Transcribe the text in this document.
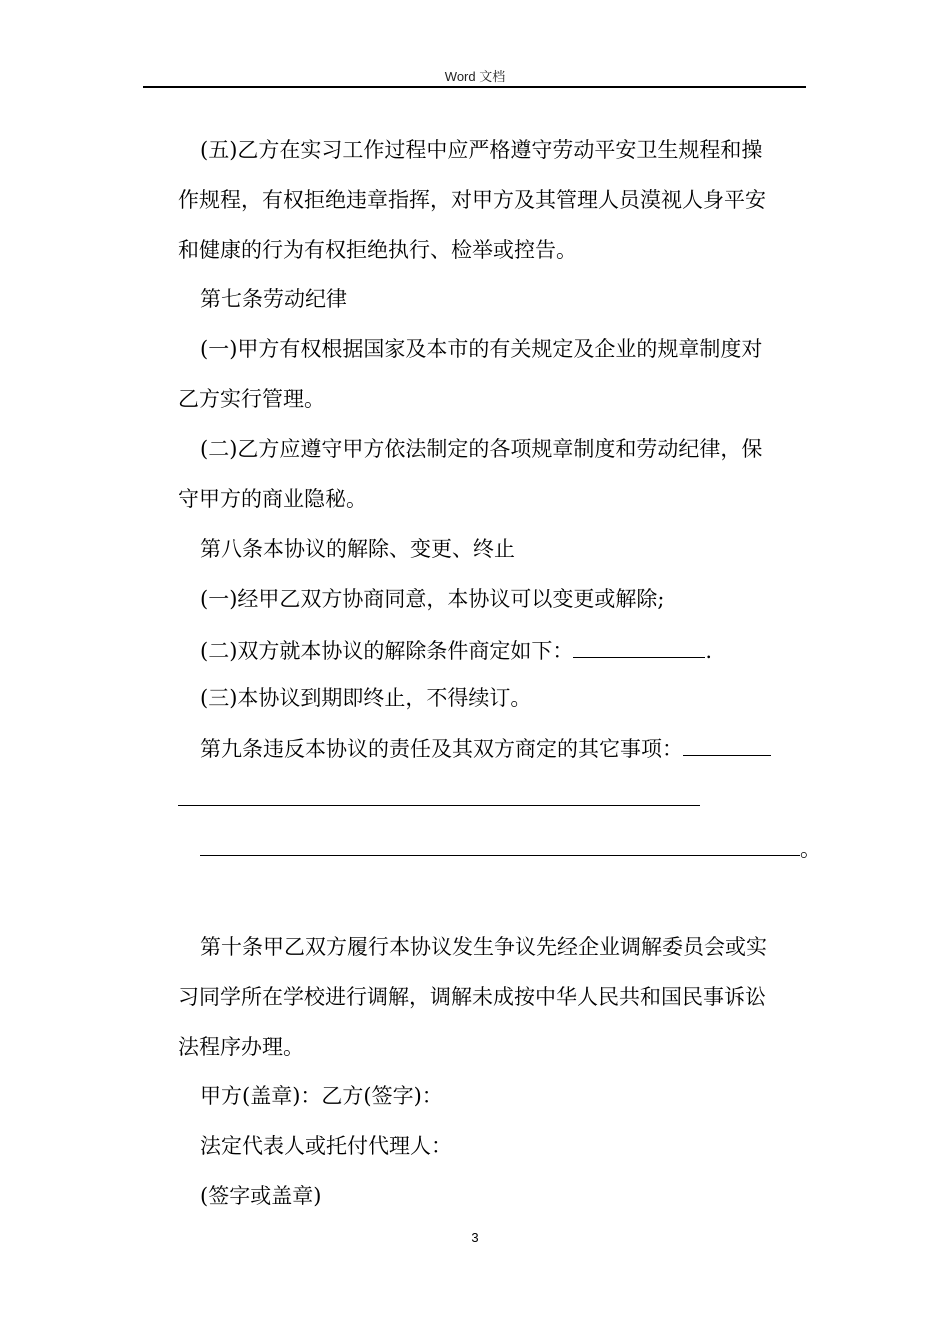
Word 文档
(五)乙方在实习工作过程中应严格遵守劳动平安卫生规程和操
作规程，有权拒绝违章指挥，对甲方及其管理人员漠视人身平安
和健康的行为有权拒绝执行、检举或控告。
第七条劳动纪律
(一)甲方有权根据国家及本市的有关规定及企业的规章制度对
乙方实行管理。
(二)乙方应遵守甲方依法制定的各项规章制度和劳动纪律，保
守甲方的商业隐秘。
第八条本协议的解除、变更、终止
(一)经甲乙双方协商同意，本协议可以变更或解除;
(二)双方就本协议的解除条件商定如下：	.
(三)本协议到期即终止，不得续订。
第九条违反本协议的责任及其双方商定的其它事项：
。
第十条甲乙双方履行本协议发生争议先经企业调解委员会或实
习同学所在学校进行调解，调解未成按中华人民共和国民事诉讼
法程序办理。
甲方(盖章)：乙方(签字)：
法定代表人或托付代理人：
(签字或盖章)
3
